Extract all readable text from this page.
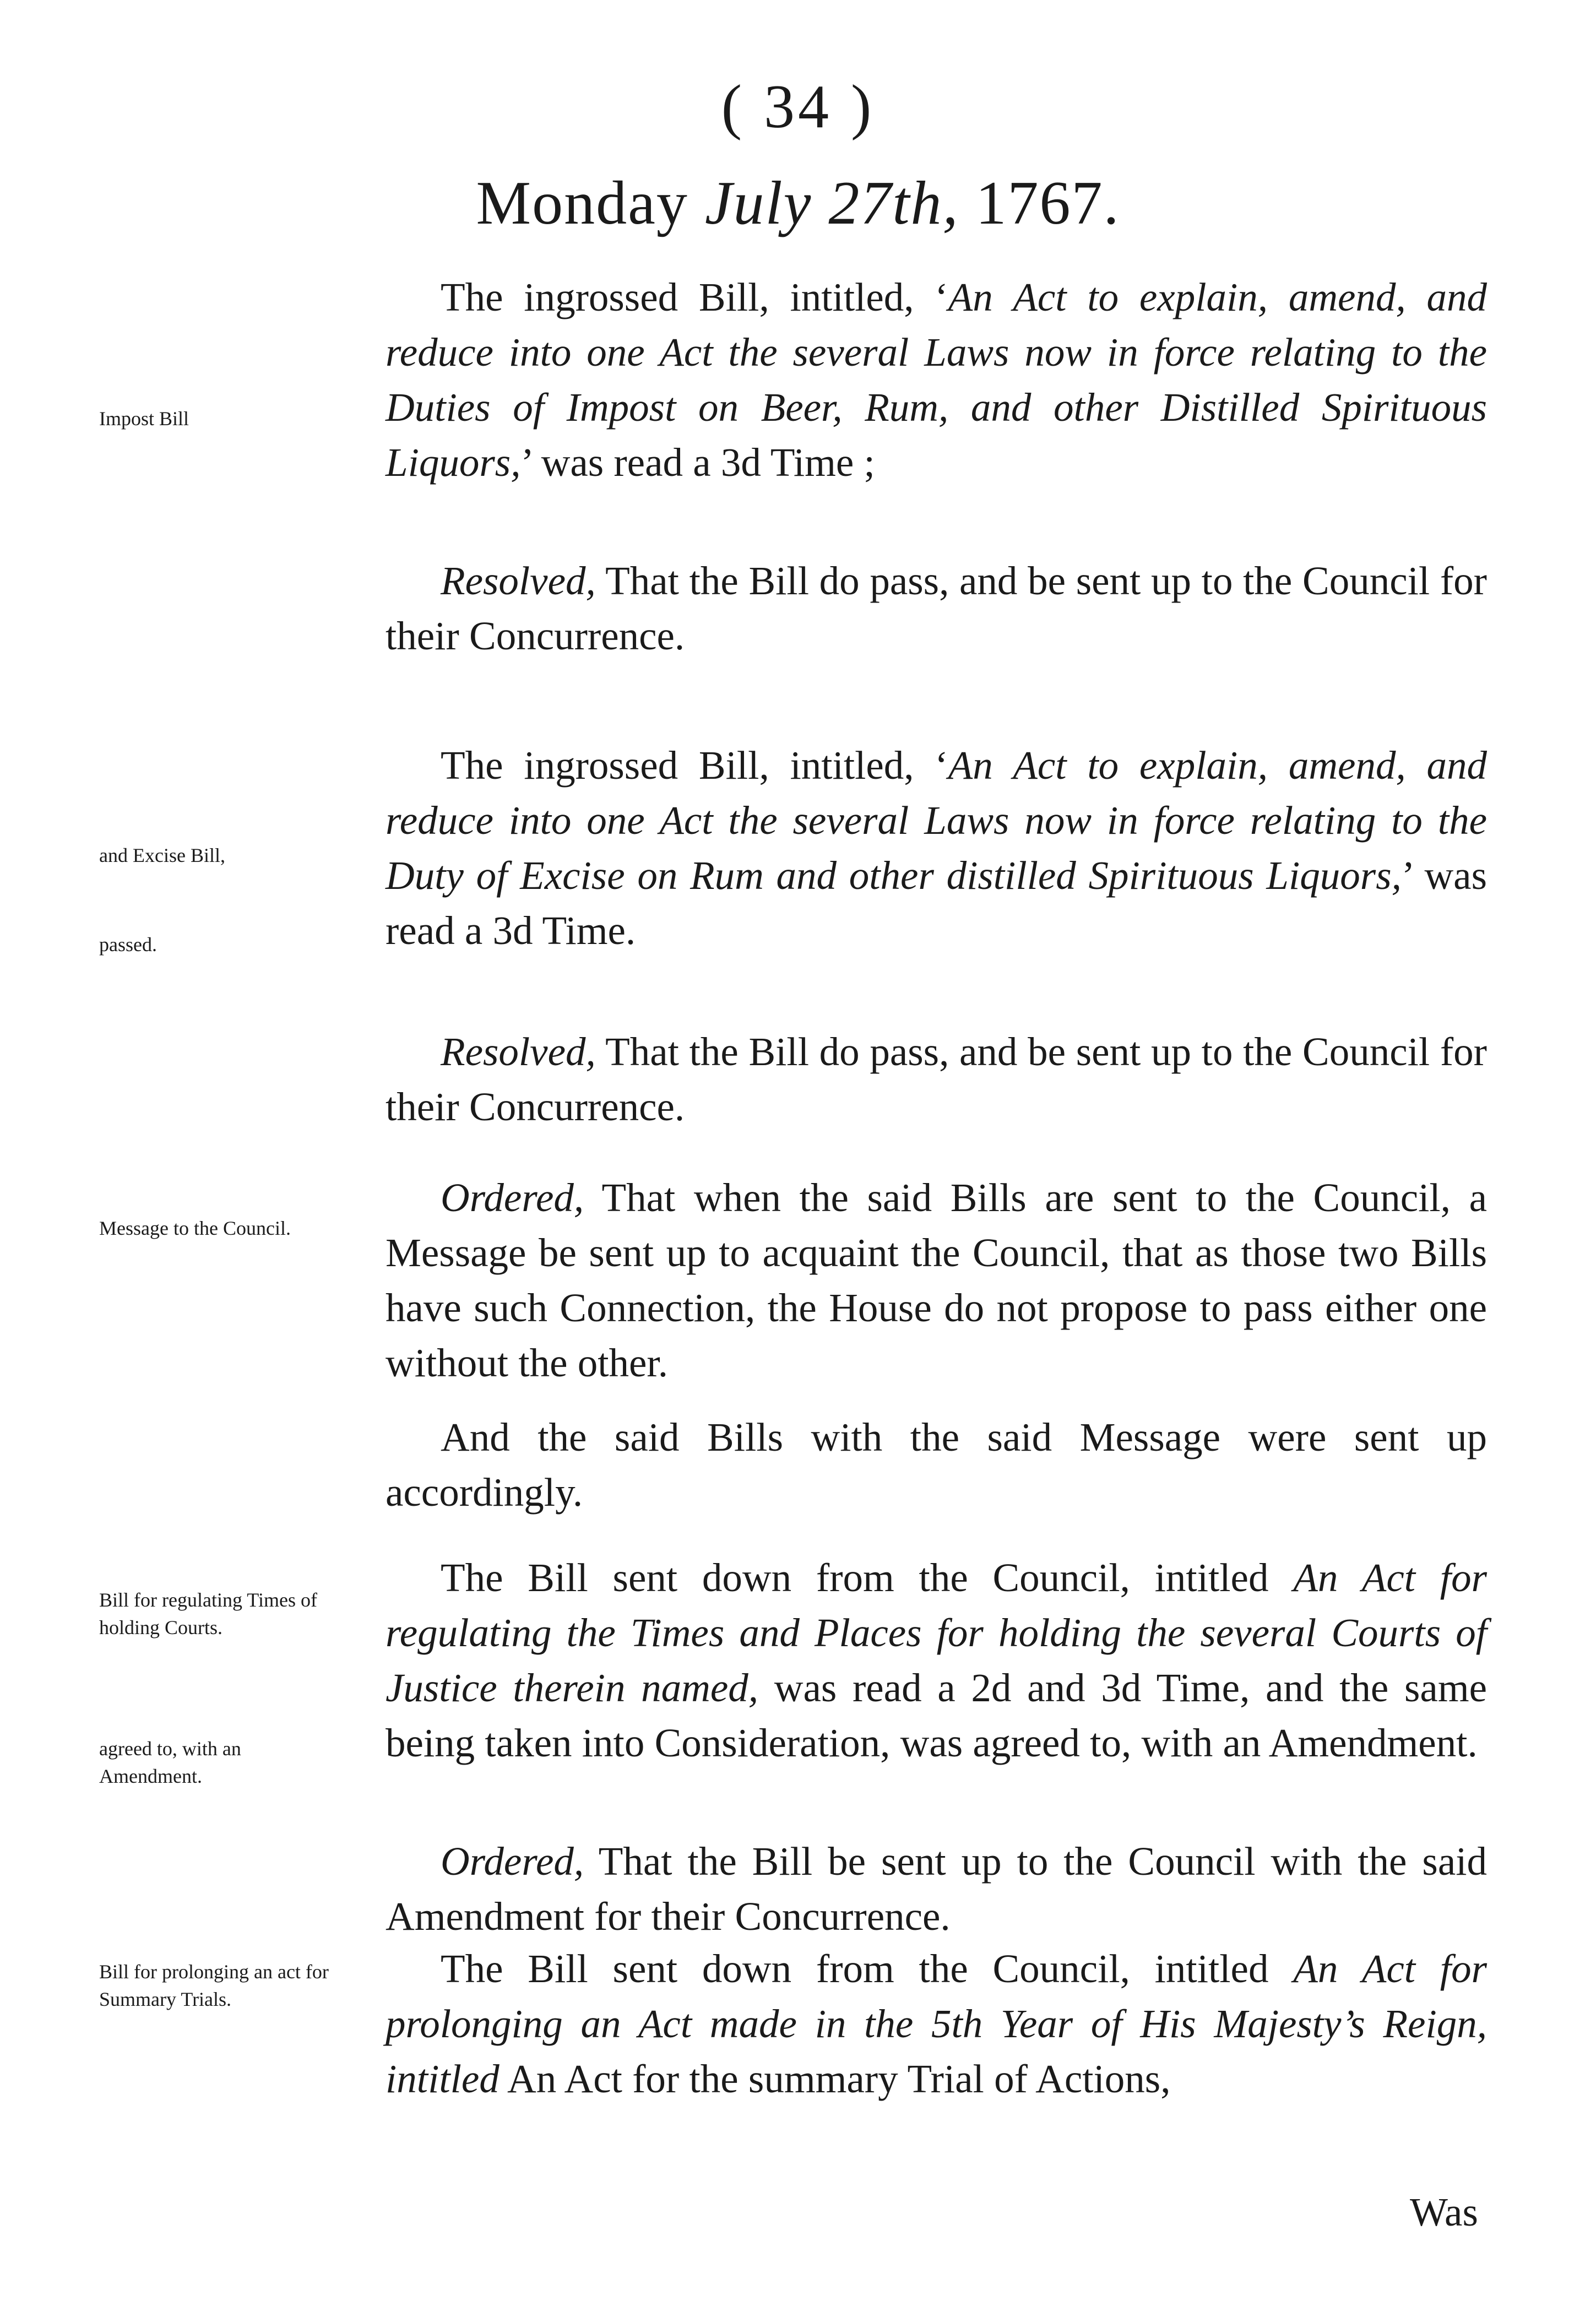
( 34 )
Monday July 27th, 1767.
Impost Bill
and Excise Bill,
passed.
Message to the Council.
Bill for regulating Times of holding Courts.
agreed to, with an Amendment.
Bill for prolonging an act for Summary Trials.
The ingrossed Bill, intitled, ‘An Act to explain, amend, and reduce into one Act the several Laws now in force relating to the Duties of Impost on Beer, Rum, and other Distilled Spirituous Liquors,’ was read a 3d Time ;
Resolved, That the Bill do pass, and be sent up to the Council for their Concurrence.
The ingrossed Bill, intitled, ‘An Act to explain, amend, and reduce into one Act the several Laws now in force relating to the Duty of Excise on Rum and other distilled Spirituous Liquors,’ was read a 3d Time.
Resolved, That the Bill do pass, and be sent up to the Council for their Concurrence.
Ordered, That when the said Bills are sent to the Council, a Message be sent up to acquaint the Council, that as those two Bills have such Connection, the House do not propose to pass either one without the other.
And the said Bills with the said Message were sent up accordingly.
The Bill sent down from the Council, intitled An Act for regulating the Times and Places for holding the several Courts of Justice therein named, was read a 2d and 3d Time, and the same being taken into Consideration, was agreed to, with an Amendment.
Ordered, That the Bill be sent up to the Council with the said Amendment for their Concurrence.
The Bill sent down from the Council, intitled An Act for prolonging an Act made in the 5th Year of His Majesty’s Reign, intitled An Act for the summary Trial of Actions,
Was
